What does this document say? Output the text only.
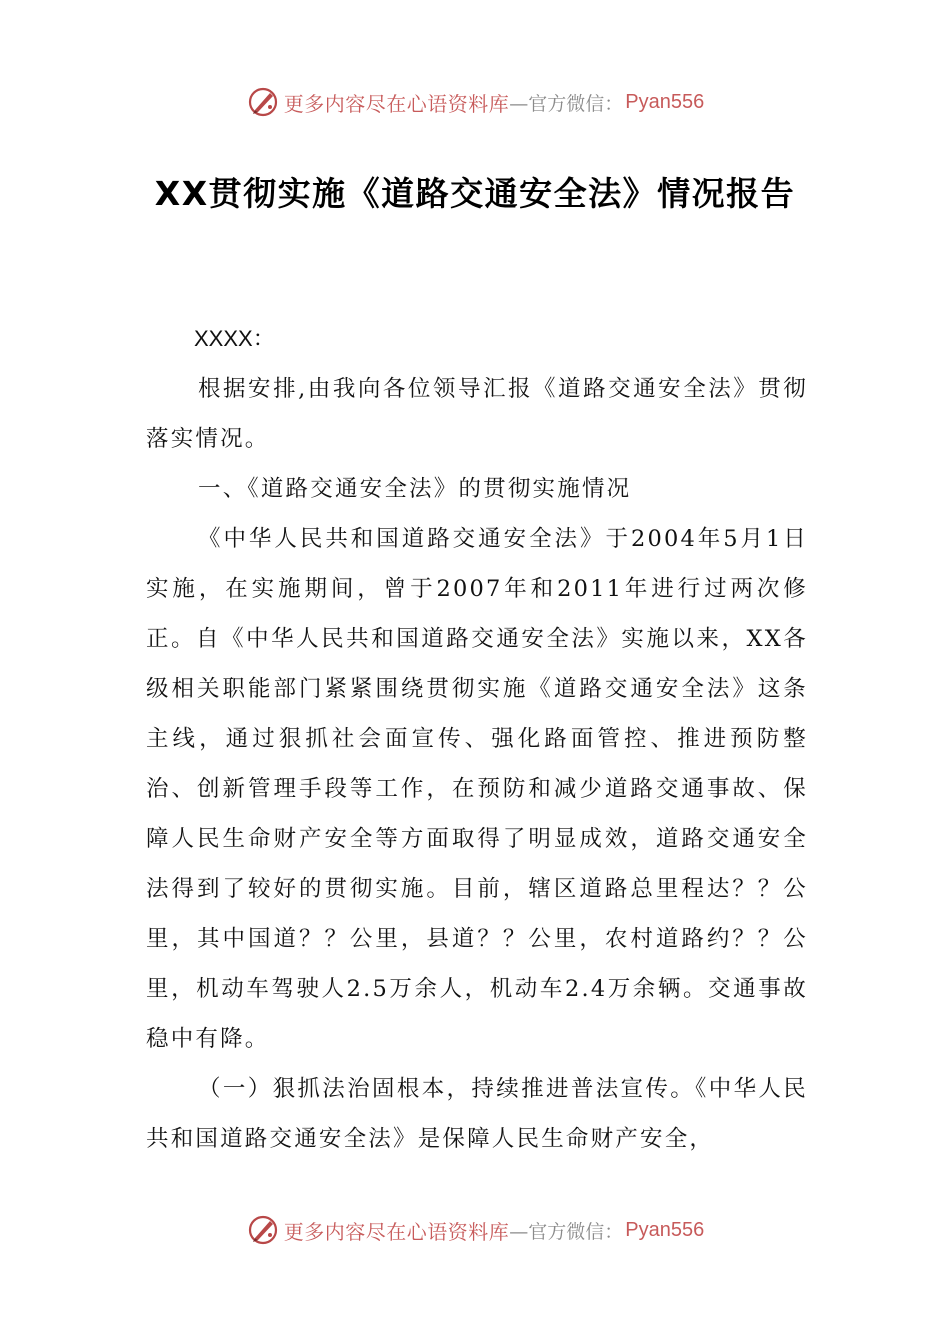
更多内容尽在心语资料库 —官方微信： Pyan556
XX贯彻实施《道路交通安全法》情况报告

XXXX：

根据安排,由我向各位领导汇报《道路交通安全法》贯彻落实情况。

一、《道路交通安全法》的贯彻实施情况

《中华人民共和国道路交通安全法》于2004年5月1日实施，在实施期间，曾于2007年和2011年进行过两次修正。自《中华人民共和国道路交通安全法》实施以来，XX各级相关职能部门紧紧围绕贯彻实施《道路交通安全法》这条主线，通过狠抓社会面宣传、强化路面管控、推进预防整治、创新管理手段等工作，在预防和减少道路交通事故、保障人民生命财产安全等方面取得了明显成效，道路交通安全法得到了较好的贯彻实施。目前，辖区道路总里程达？？公里，其中国道？？公里，县道？？公里，农村道路约？？公里，机动车驾驶人2.5万余人，机动车2.4万余辆。交通事故稳中有降。

（一）狠抓法治固根本，持续推进普法宣传。《中华人民共和国道路交通安全法》是保障人民生命财产安全，

更多内容尽在心语资料库 —官方微信： Pyan556
